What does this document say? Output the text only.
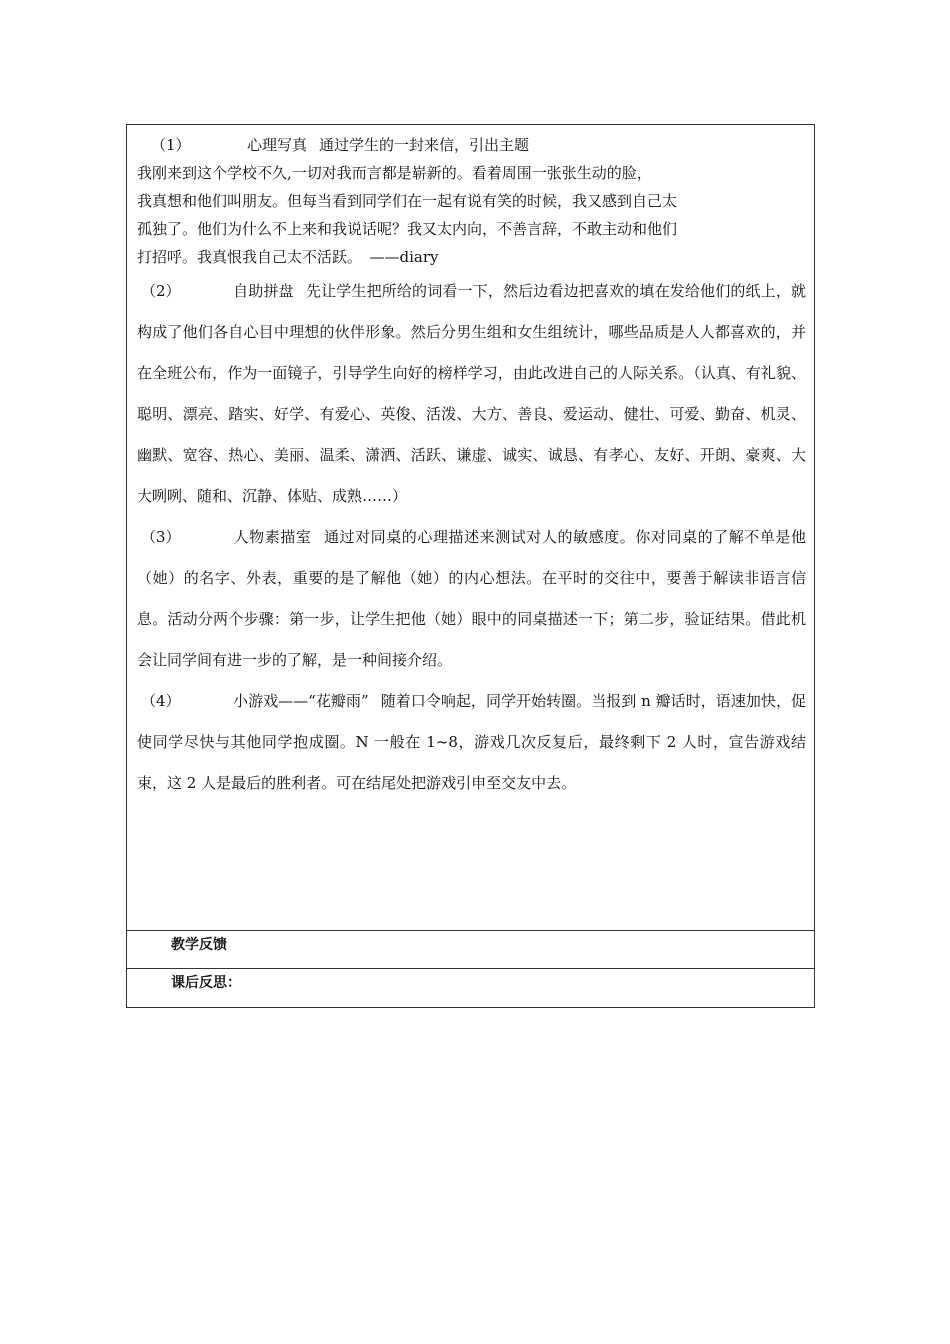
（1）	心理写真 通过学生的一封来信，引出主题
我刚来到这个学校不久,一切对我而言都是崭新的。看着周围一张张生动的脸，
我真想和他们叫朋友。但每当看到同学们在一起有说有笑的时候，我又感到自己太
孤独了。他们为什么不上来和我说话呢？我又太内向，不善言辞，不敢主动和他们
打招呼。我真恨我自己太不活跃。　——diary
（2）	自助拼盘 先让学生把所给的词看一下，然后边看边把喜欢的填在发给他们的纸上，就构成了他们各自心目中理想的伙伴形象。然后分男生组和女生组统计，哪些品质是人人都喜欢的，并在全班公布，作为一面镜子，引导学生向好的榜样学习，由此改进自己的人际关系。（认真、有礼貌、聪明、漂亮、踏实、好学、有爱心、英俊、活泼、大方、善良、爱运动、健壮、可爱、勤奋、机灵、幽默、宽容、热心、美丽、温柔、潇洒、活跃、谦虚、诚实、诚恳、有孝心、友好、开朗、豪爽、大大咧咧、随和、沉静、体贴、成熟……）
（3）	人物素描室 通过对同桌的心理描述来测试对人的敏感度。你对同桌的了解不单是他（她）的名字、外表，重要的是了解他（她）的内心想法。在平时的交往中，要善于解读非语言信息。活动分两个步骤：第一步，让学生把他（她）眼中的同桌描述一下；第二步，验证结果。借此机会让同学间有进一步的了解，是一种间接介绍。
（4）	小游戏——“花瓣雨” 随着口令响起，同学开始转圈。当报到 n 瓣话时，语速加快，促使同学尽快与其他同学抱成圈。N 一般在 1~8，游戏几次反复后，最终剩下 2 人时，宣告游戏结束，这 2 人是最后的胜利者。可在结尾处把游戏引申至交友中去。
教学反馈
课后反思：
